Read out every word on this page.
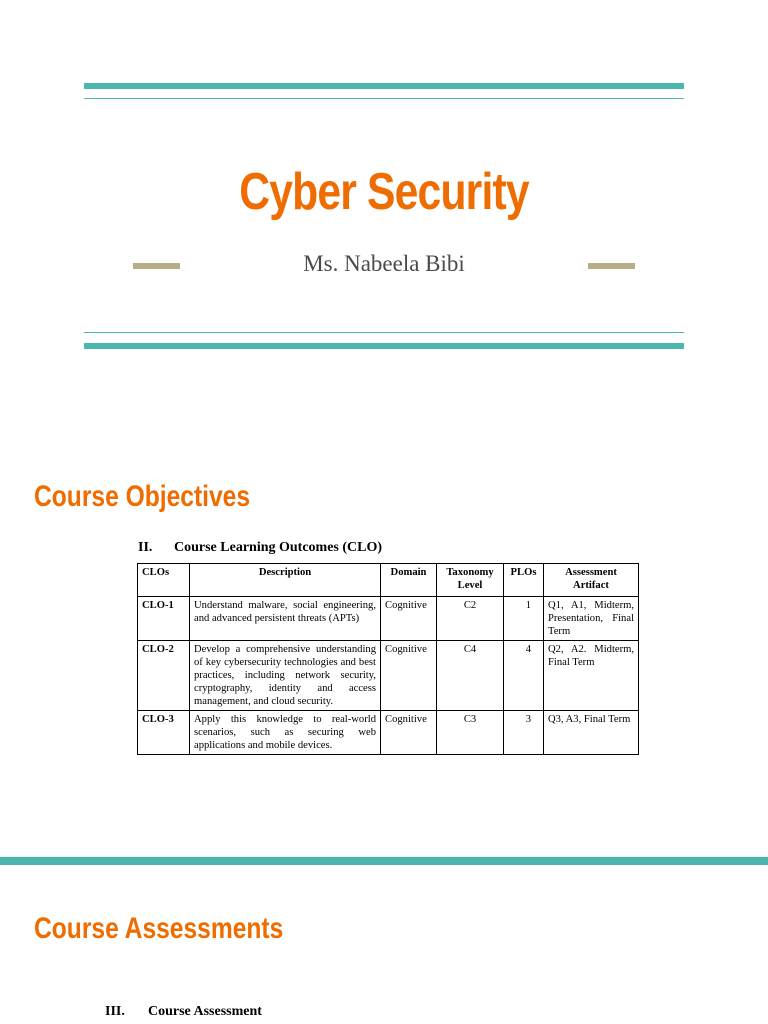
Cyber Security
Ms. Nabeela Bibi
Course Objectives
II. Course Learning Outcomes (CLO)
CLOs	Description	Domain	Taxonomy Level	PLOs	Assessment Artifact
CLO-1	Understand malware, social engineering, and advanced persistent threats (APTs)	Cognitive	C2	1	Q1, A1, Midterm, Presentation, Final Term
CLO-2	Develop a comprehensive understanding of key cybersecurity technologies and best practices, including network security, cryptography, identity and access management, and cloud security.	Cognitive	C4	4	Q2, A2. Midterm, Final Term
CLO-3	Apply this knowledge to real-world scenarios, such as securing web applications and mobile devices.	Cognitive	C3	3	Q3, A3, Final Term
Course Assessments
III. Course Assessment
